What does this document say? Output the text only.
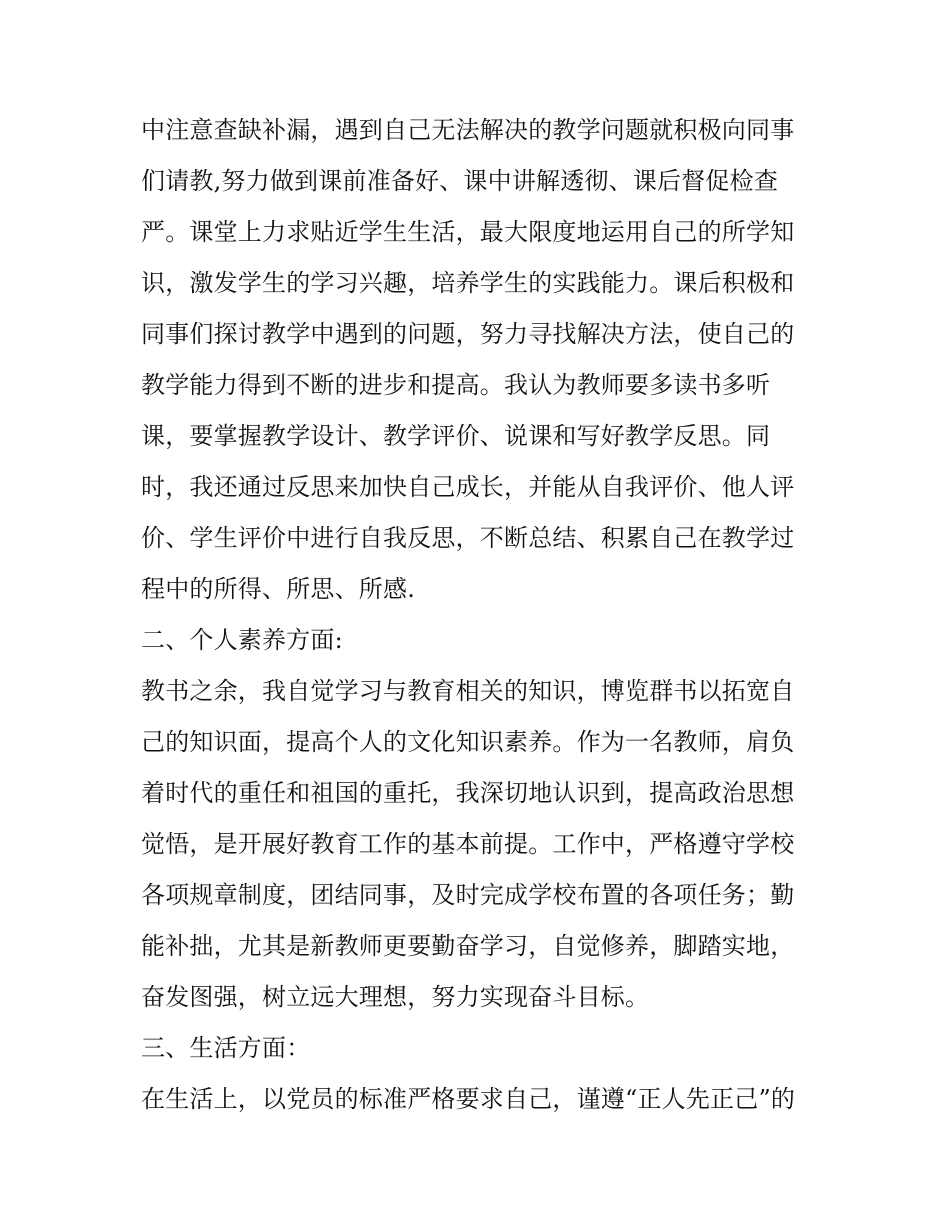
中注意查缺补漏，遇到自己无法解决的教学问题就积极向同事
们请教,努力做到课前准备好、课中讲解透彻、课后督促检查
严。课堂上力求贴近学生生活，最大限度地运用自己的所学知
识，激发学生的学习兴趣，培养学生的实践能力。课后积极和
同事们探讨教学中遇到的问题，努力寻找解决方法，使自己的
教学能力得到不断的进步和提高。我认为教师要多读书多听
课，要掌握教学设计、教学评价、说课和写好教学反思。同
时，我还通过反思来加快自己成长，并能从自我评价、他人评
价、学生评价中进行自我反思，不断总结、积累自己在教学过
程中的所得、所思、所感.
二、个人素养方面:
教书之余，我自觉学习与教育相关的知识，博览群书以拓宽自
己的知识面，提高个人的文化知识素养。作为一名教师，肩负
着时代的重任和祖国的重托，我深切地认识到，提高政治思想
觉悟，是开展好教育工作的基本前提。工作中，严格遵守学校
各项规章制度，团结同事，及时完成学校布置的各项任务；勤
能补拙，尤其是新教师更要勤奋学习，自觉修养，脚踏实地，
奋发图强，树立远大理想，努力实现奋斗目标。
三、生活方面：
在生活上，以党员的标准严格要求自己，谨遵“正人先正己”的
